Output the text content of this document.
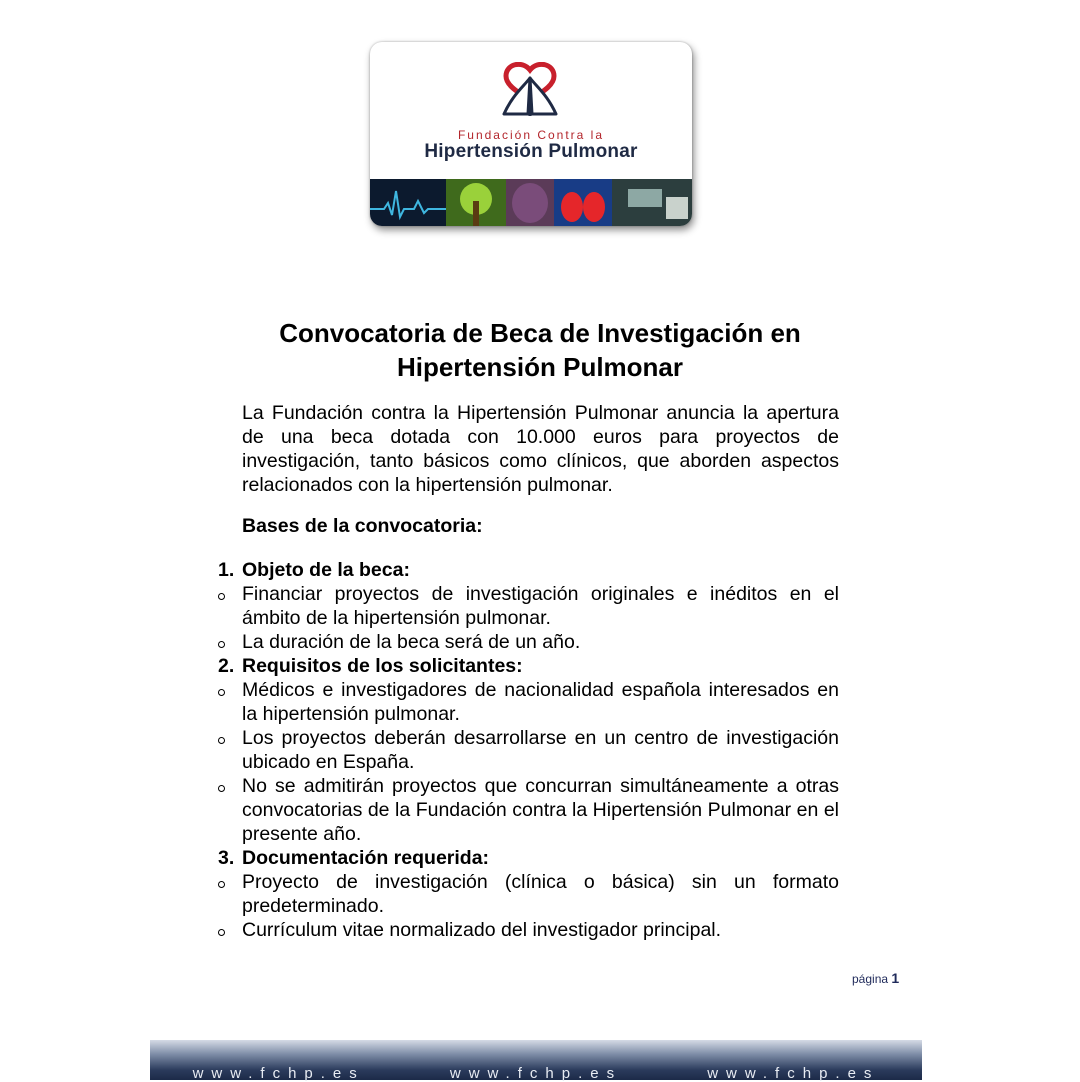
Fundación Contra la
Hipertensión Pulmonar
Convocatoria de Beca de Investigación en
Hipertensión Pulmonar

La Fundación contra la Hipertensión Pulmonar anuncia la apertura de una beca dotada con 10.000 euros para proyectos de investigación, tanto básicos como clínicos, que aborden aspectos relacionados con la hipertensión pulmonar.

Bases de la convocatoria:

1. Objeto de la beca:
Financiar proyectos de investigación originales e inéditos en el ámbito de la hipertensión pulmonar.
La duración de la beca será de un año.
2. Requisitos de los solicitantes:
Médicos e investigadores de nacionalidad española interesados en la hipertensión pulmonar.
Los proyectos deberán desarrollarse en un centro de investigación ubicado en España.
No se admitirán proyectos que concurran simultáneamente a otras convocatorias de la Fundación contra la Hipertensión Pulmonar en el presente año.
3. Documentación requerida:
Proyecto de investigación (clínica o básica) sin un formato predeterminado.
Currículum vitae normalizado del investigador principal.
página 1
www.fchp.es	www.fchp.es	www.fchp.es
